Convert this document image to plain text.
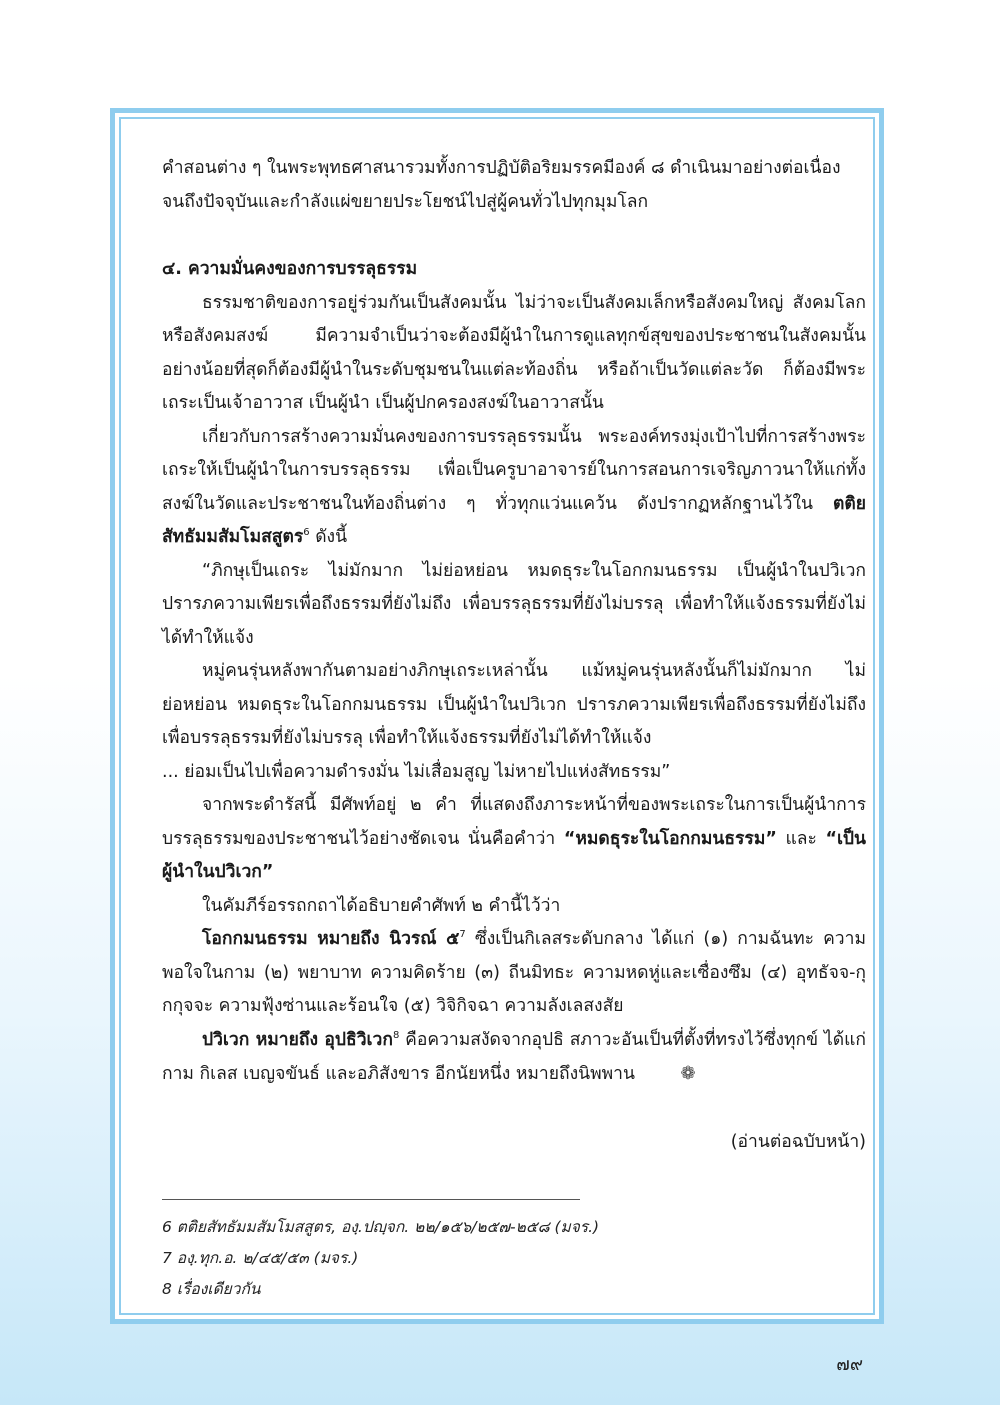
คำสอนต่าง ๆ ในพระพุทธศาสนารวมทั้งการปฏิบัติอริยมรรคมีองค์ ๘ ดำเนินมาอย่างต่อเนื่อง

จนถึงปัจจุบันและกำลังแผ่ขยายประโยชน์ไปสู่ผู้คนทั่วไปทุกมุมโลก

๔. ความมั่นคงของการบรรลุธรรม

ธรรมชาติของการอยู่ร่วมกันเป็นสังคมนั้น ไม่ว่าจะเป็นสังคมเล็กหรือสังคมใหญ่ สังคมโลกหรือสังคมสงฆ์ มีความจำเป็นว่าจะต้องมีผู้นำในการดูแลทุกข์สุขของประชาชนในสังคมนั้น อย่างน้อยที่สุดก็ต้องมีผู้นำในระดับชุมชนในแต่ละท้องถิ่น หรือถ้าเป็นวัดแต่ละวัด ก็ต้องมีพระเถระเป็นเจ้าอาวาส เป็นผู้นำ เป็นผู้ปกครองสงฆ์ในอาวาสนั้น

เกี่ยวกับการสร้างความมั่นคงของการบรรลุธรรมนั้น พระองค์ทรงมุ่งเป้าไปที่การสร้างพระเถระให้เป็นผู้นำในการบรรลุธรรม เพื่อเป็นครูบาอาจารย์ในการสอนการเจริญภาวนาให้แก่ทั้งสงฆ์ในวัดและประชาชนในท้องถิ่นต่าง ๆ ทั่วทุกแว่นแคว้น ดังปรากฏหลักฐานไว้ใน ตติยสัทธัมมสัมโมสสูตร$^6$ ดังนี้

“ภิกษุเป็นเถระ ไม่มักมาก ไม่ย่อหย่อน หมดธุระในโอกกมนธรรม เป็นผู้นำในปวิเวก ปรารภความเพียรเพื่อถึงธรรมที่ยังไม่ถึง เพื่อบรรลุธรรมที่ยังไม่บรรลุ เพื่อทำให้แจ้งธรรมที่ยังไม่ได้ทำให้แจ้ง

หมู่คนรุ่นหลังพากันตามอย่างภิกษุเถระเหล่านั้น แม้หมู่คนรุ่นหลังนั้นก็ไม่มักมาก ไม่ย่อหย่อน หมดธุระในโอกกมนธรรม เป็นผู้นำในปวิเวก ปรารภความเพียรเพื่อถึงธรรมที่ยังไม่ถึง เพื่อบรรลุธรรมที่ยังไม่บรรลุ เพื่อทำให้แจ้งธรรมที่ยังไม่ได้ทำให้แจ้ง

... ย่อมเป็นไปเพื่อความดำรงมั่น ไม่เสื่อมสูญ ไม่หายไปแห่งสัทธรรม”

จากพระดำรัสนี้ มีศัพท์อยู่ ๒ คำ ที่แสดงถึงภาระหน้าที่ของพระเถระในการเป็นผู้นำการบรรลุธรรมของประชาชนไว้อย่างชัดเจน นั่นคือคำว่า “หมดธุระในโอกกมนธรรม” และ “เป็นผู้นำในปวิเวก”

ในคัมภีร์อรรถกถาได้อธิบายคำศัพท์ ๒ คำนี้ไว้ว่า

โอกกมนธรรม หมายถึง นิวรณ์ ๕$^7$ ซึ่งเป็นกิเลสระดับกลาง ได้แก่ (๑) กามฉันทะ ความพอใจในกาม (๒) พยาบาท ความคิดร้าย (๓) ถีนมิทธะ ความหดหู่และเซื่องซึม (๔) อุทธัจจ-กุกกุจจะ ความฟุ้งซ่านและร้อนใจ (๕) วิจิกิจฉา ความลังเลสงสัย

ปวิเวก หมายถึง อุปธิวิเวก$^8$ คือความสงัดจากอุปธิ สภาวะอันเป็นที่ตั้งที่ทรงไว้ซึ่งทุกข์ ได้แก่ กาม กิเลส เบญจขันธ์ และอภิสังขาร อีกนัยหนึ่ง หมายถึงนิพพาน	❁

(อ่านต่อฉบับหน้า)

6 ตติยสัทธัมมสัมโมสสูตร, องฺ.ปญฺจก. ๒๒/๑๕๖/๒๕๗-๒๕๘ (มจร.)

7 องฺ.ทุก.อ. ๒/๔๕/๕๓ (มจร.)

8 เรื่องเดียวกัน

๗๙
